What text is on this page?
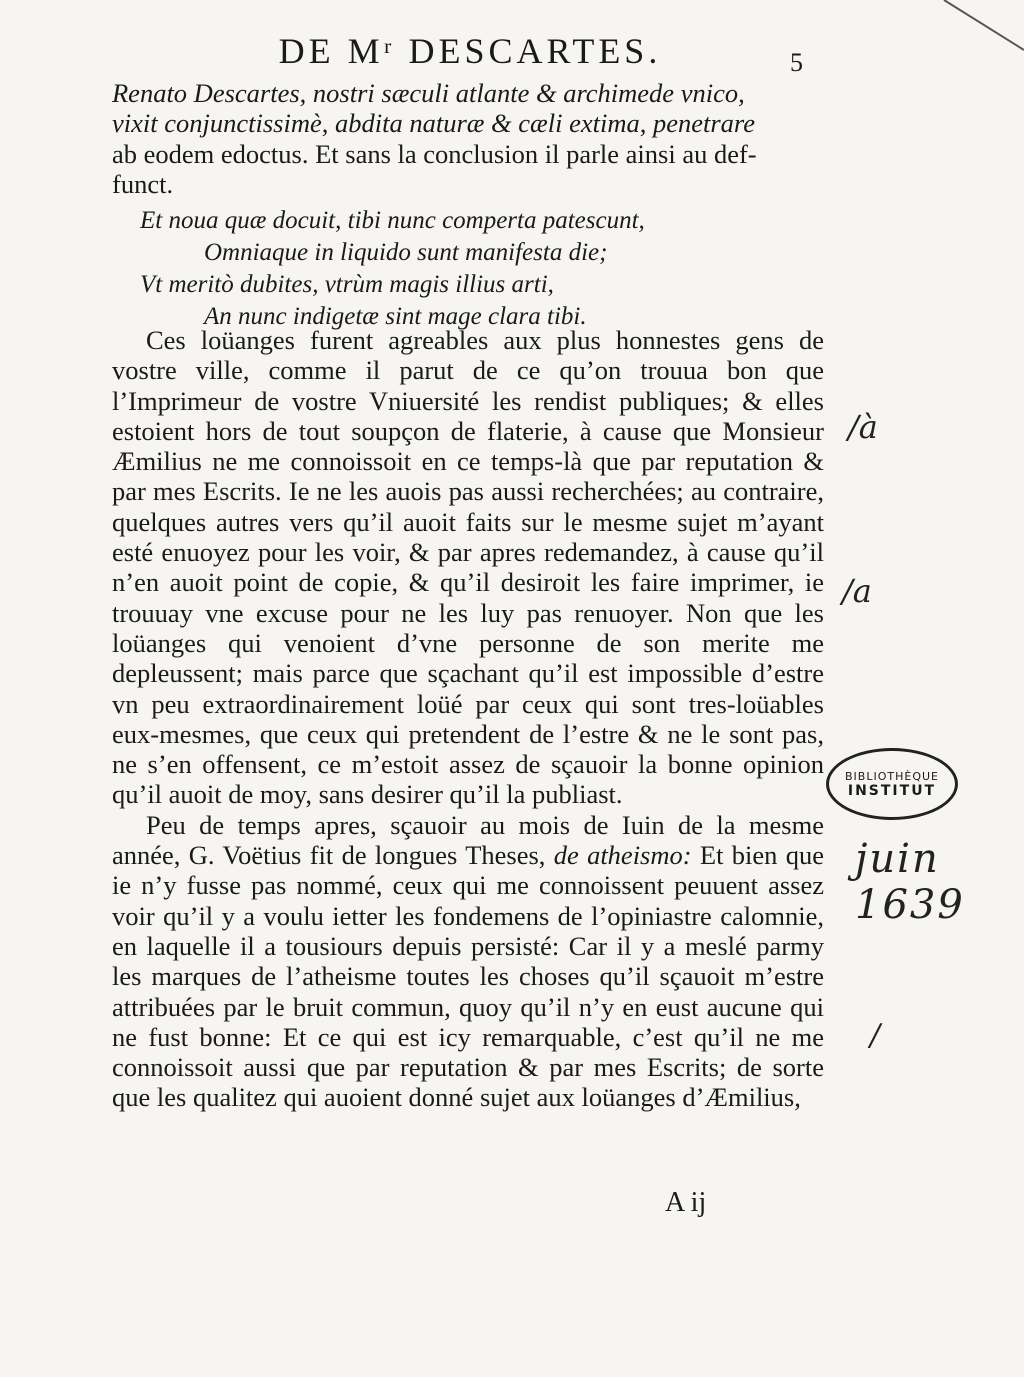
DE Mʳ DESCARTES.	5
Renato Descartes, nostri sæculi atlante & archimede vnico,
vixit conjunctissimè, abdita naturæ & cæli extima, penetrare
ab eodem edoctus. Et sans la conclusion il parle ainsi au def-
funct.
Et noua quæ docuit, tibi nunc comperta patescunt,
Omniaque in liquido sunt manifesta die;
Vt meritò dubites, vtrùm magis illius arti,
An nunc indigetæ sint mage clara tibi.

Ces loüanges furent agreables aux plus honnestes gens de vostre ville, comme il parut de ce qu’on trouua bon que l’Imprimeur de vostre Vniuersité les rendist publiques; & elles estoient hors de tout soupçon de flaterie, à cause que Monsieur Æmilius ne me connoissoit en ce temps-là que par reputation & par mes Escrits. Ie ne les auois pas aussi recherchées; au contraire, quelques autres vers qu’il auoit faits sur le mesme sujet m’ayant esté enuoyez pour les voir, & par apres redemandez, à cause qu’il n’en auoit point de copie, & qu’il desiroit les faire imprimer, ie trouuay vne excuse pour ne les luy pas renuoyer. Non que les loüanges qui venoient d’vne personne de son merite me depleussent; mais parce que sçachant qu’il est impossible d’estre vn peu extraordinairement loüé par ceux qui sont tres-loüables eux-mesmes, que ceux qui pretendent de l’estre & ne le sont pas, ne s’en offensent, ce m’estoit assez de sçauoir la bonne opinion qu’il auoit de moy, sans desirer qu’il la publiast.

Peu de temps apres, sçauoir au mois de Iuin de la mesme année, G. Voëtius fit de longues Theses, de atheismo: Et bien que ie n’y fusse pas nommé, ceux qui me connoissent peuuent assez voir qu’il y a voulu ietter les fondemens de l’opiniastre calomnie, en laquelle il a tousiours depuis persisté: Car il y a meslé parmy les marques de l’atheisme toutes les choses qu’il sçauoit m’estre attribuées par le bruit commun, quoy qu’il n’y en eust aucune qui ne fust bonne: Et ce qui est icy remarquable, c’est qu’il ne me connoissoit aussi que par reputation & par mes Escrits; de sorte que les qualitez qui auoient donné sujet aux loüanges d’Æmilius,

A ij
/à
/a
juin 1639
/
BIBLIOTHÈQUE
INSTITUT
